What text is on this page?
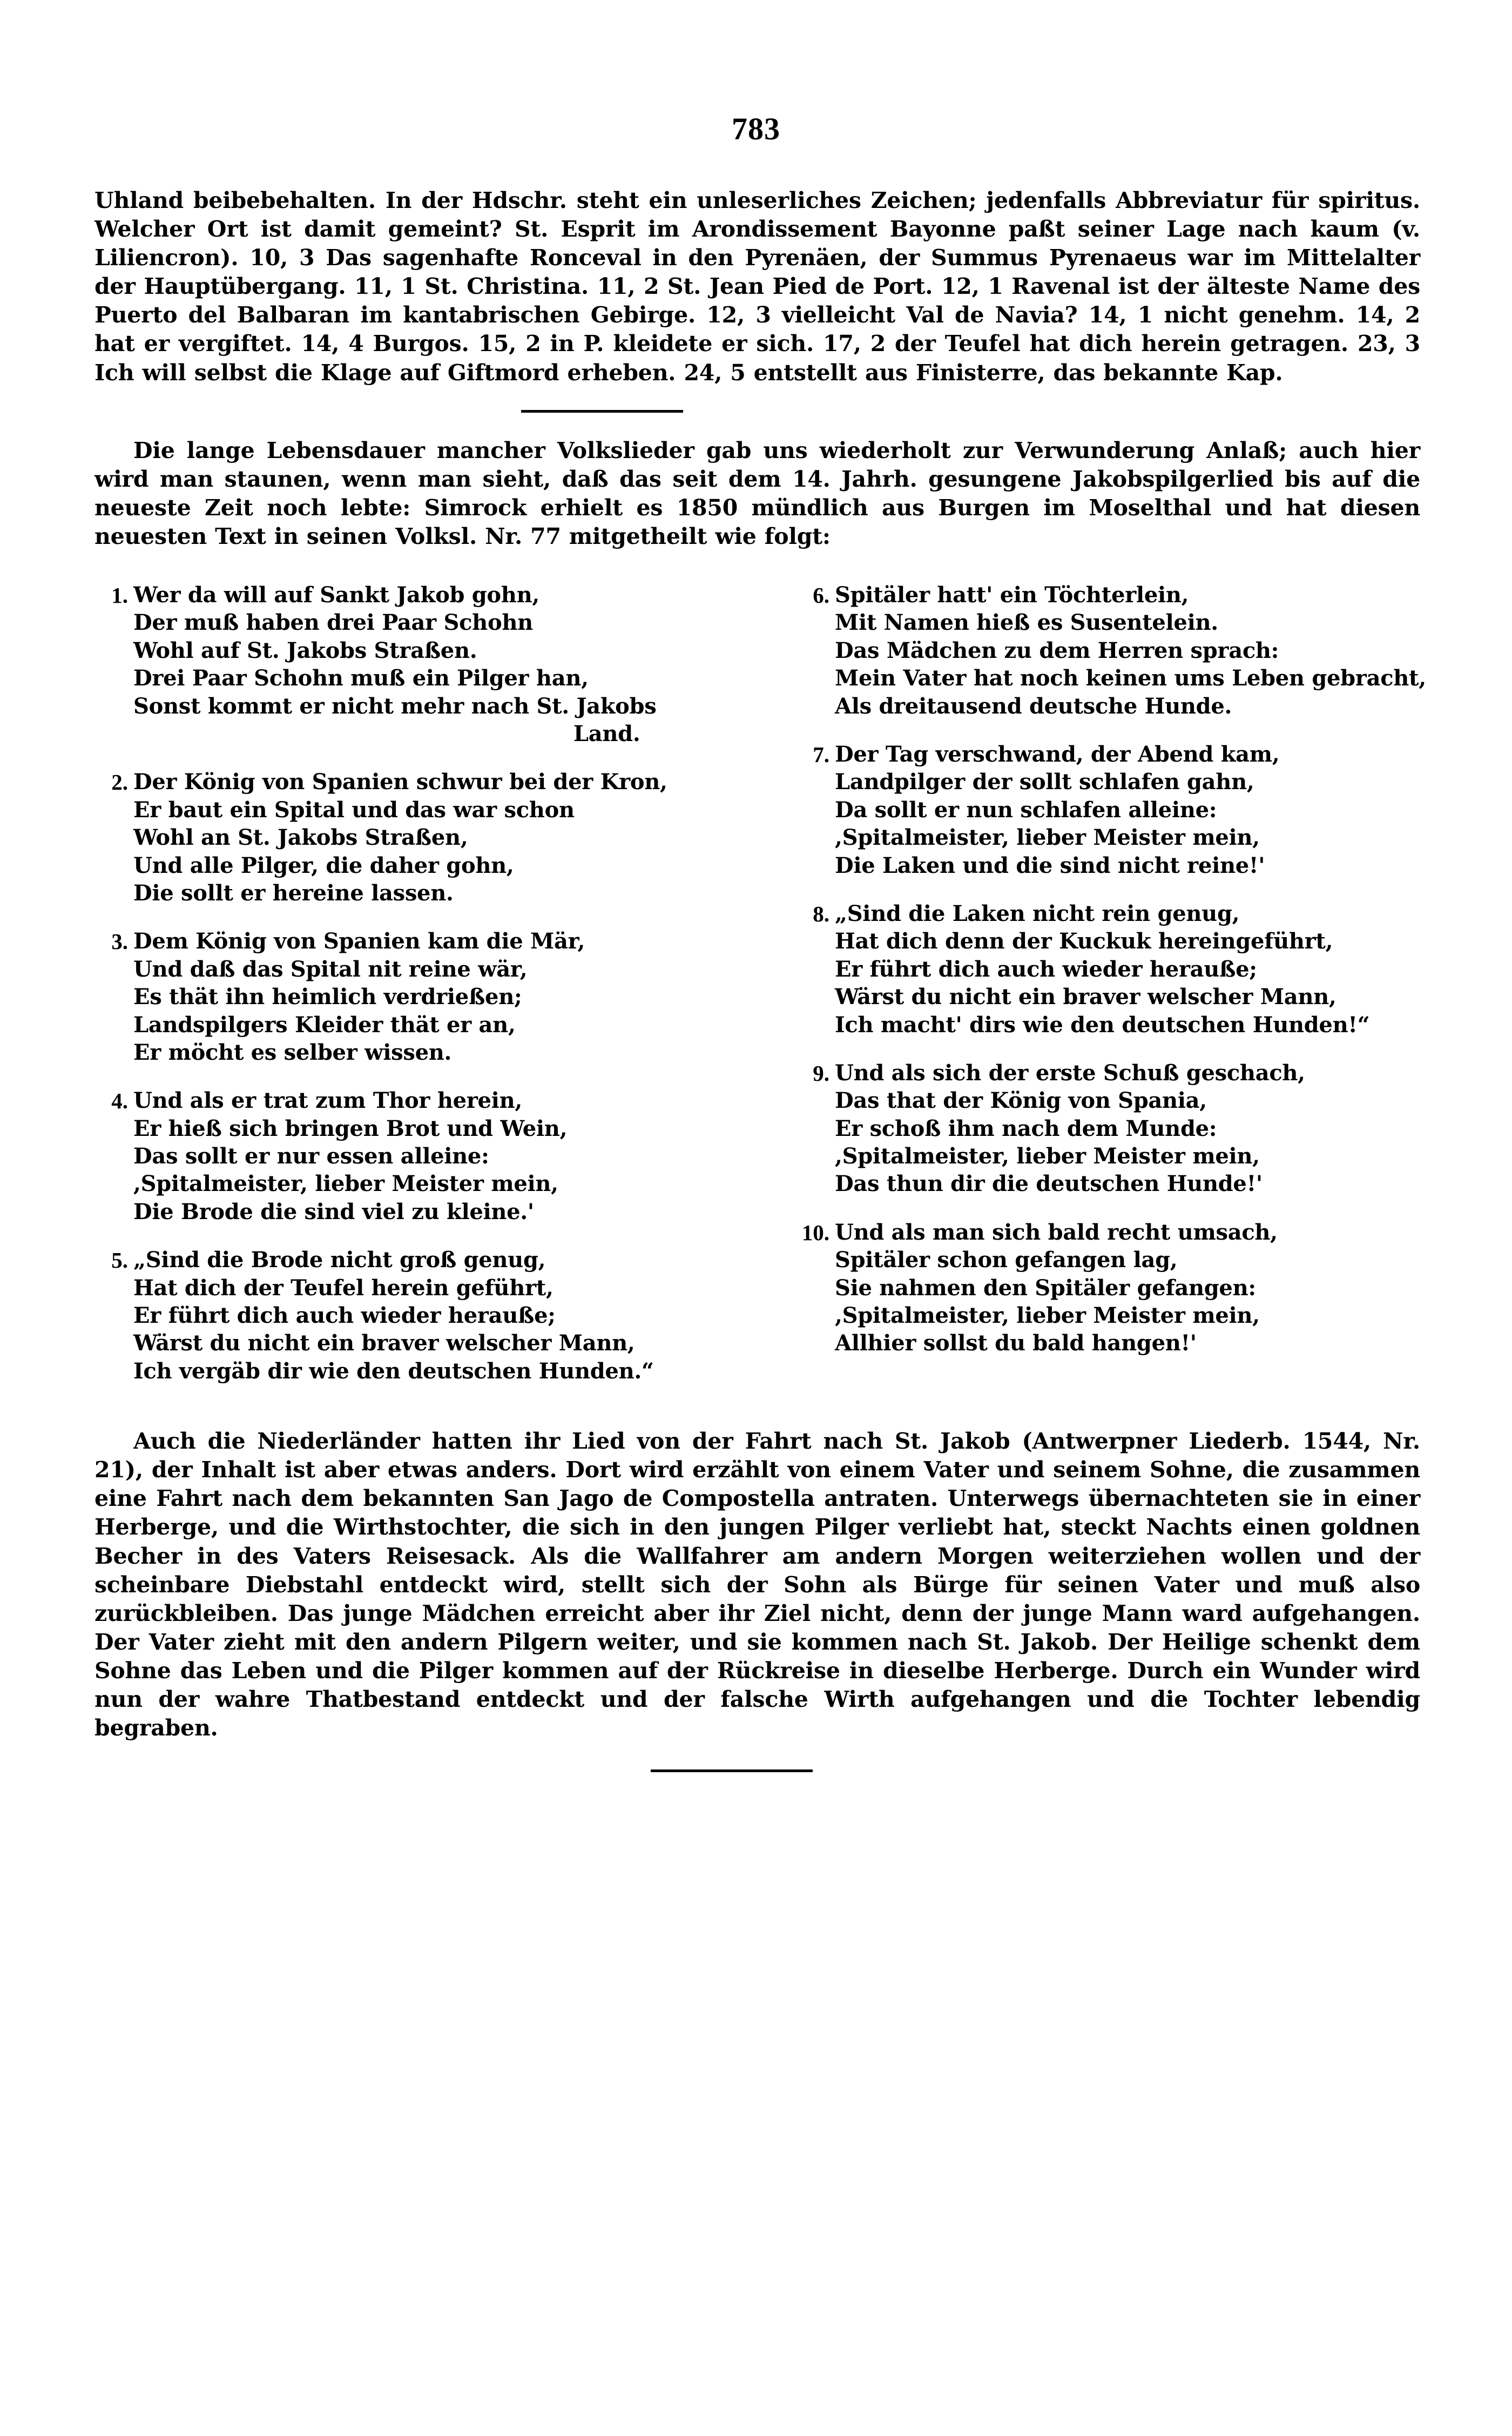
783

Uhland beibebehalten. In der Hdschr. steht ein unleserliches Zeichen; jedenfalls Abbreviatur für spiritus. Welcher Ort ist damit gemeint? St. Esprit im Arondissement Bayonne paßt seiner Lage nach kaum (v. Liliencron). 10, 3 Das sagenhafte Ronceval in den Pyrenäen, der Summus Pyrenaeus war im Mittelalter der Hauptübergang. 11, 1 St. Christina. 11, 2 St. Jean Pied de Port. 12, 1 Ravenal ist der älteste Name des Puerto del Balbaran im kantabrischen Gebirge. 12, 3 vielleicht Val de Navia? 14, 1 nicht genehm. 14, 2 hat er vergiftet. 14, 4 Burgos. 15, 2 in P. kleidete er sich. 17, 2 der Teufel hat dich herein getragen. 23, 3 Ich will selbst die Klage auf Giftmord erheben. 24, 5 entstellt aus Finisterre, das bekannte Kap.

Die lange Lebensdauer mancher Volkslieder gab uns wiederholt zur Verwunderung Anlaß; auch hier wird man staunen, wenn man sieht, daß das seit dem 14. Jahrh. gesungene Jakobspilgerlied bis auf die neueste Zeit noch lebte: Simrock erhielt es 1850 mündlich aus Burgen im Moselthal und hat diesen neuesten Text in seinen Volksl. Nr. 77 mitgetheilt wie folgt:

1. Wer da will auf Sankt Jakob gohn,
Der muß haben drei Paar Schohn
Wohl auf St. Jakobs Straßen.
Drei Paar Schohn muß ein Pilger han,
Sonst kommt er nicht mehr nach St. Jakobs
Land.
2. Der König von Spanien schwur bei der Kron,
Er baut ein Spital und das war schon
Wohl an St. Jakobs Straßen,
Und alle Pilger, die daher gohn,
Die sollt er hereine lassen.
3. Dem König von Spanien kam die Mär,
Und daß das Spital nit reine wär,
Es thät ihn heimlich verdrießen;
Landspilgers Kleider thät er an,
Er möcht es selber wissen.
4. Und als er trat zum Thor herein,
Er hieß sich bringen Brot und Wein,
Das sollt er nur essen alleine:
,Spitalmeister, lieber Meister mein,
Die Brode die sind viel zu kleine.'
5. „Sind die Brode nicht groß genug,
Hat dich der Teufel herein geführt,
Er führt dich auch wieder herauße;
Wärst du nicht ein braver welscher Mann,
Ich vergäb dir wie den deutschen Hunden.“
6. Spitäler hatt' ein Töchterlein,
Mit Namen hieß es Susentelein.
Das Mädchen zu dem Herren sprach:
Mein Vater hat noch keinen ums Leben gebracht,
Als dreitausend deutsche Hunde.
7. Der Tag verschwand, der Abend kam,
Landpilger der sollt schlafen gahn,
Da sollt er nun schlafen alleine:
,Spitalmeister, lieber Meister mein,
Die Laken und die sind nicht reine!'
8. „Sind die Laken nicht rein genug,
Hat dich denn der Kuckuk hereingeführt,
Er führt dich auch wieder herauße;
Wärst du nicht ein braver welscher Mann,
Ich macht' dirs wie den deutschen Hunden!“
9. Und als sich der erste Schuß geschach,
Das that der König von Spania,
Er schoß ihm nach dem Munde:
,Spitalmeister, lieber Meister mein,
Das thun dir die deutschen Hunde!'
10. Und als man sich bald recht umsach,
Spitäler schon gefangen lag,
Sie nahmen den Spitäler gefangen:
,Spitalmeister, lieber Meister mein,
Allhier sollst du bald hangen!'

Auch die Niederländer hatten ihr Lied von der Fahrt nach St. Jakob (Antwerpner Liederb. 1544, Nr. 21), der Inhalt ist aber etwas anders. Dort wird erzählt von einem Vater und seinem Sohne, die zusammen eine Fahrt nach dem bekannten San Jago de Compostella antraten. Unterwegs übernachteten sie in einer Herberge, und die Wirthstochter, die sich in den jungen Pilger verliebt hat, steckt Nachts einen goldnen Becher in des Vaters Reisesack. Als die Wallfahrer am andern Morgen weiterziehen wollen und der scheinbare Diebstahl entdeckt wird, stellt sich der Sohn als Bürge für seinen Vater und muß also zurückbleiben. Das junge Mädchen erreicht aber ihr Ziel nicht, denn der junge Mann ward aufgehangen. Der Vater zieht mit den andern Pilgern weiter, und sie kommen nach St. Jakob. Der Heilige schenkt dem Sohne das Leben und die Pilger kommen auf der Rückreise in dieselbe Herberge. Durch ein Wunder wird nun der wahre Thatbestand entdeckt und der falsche Wirth aufgehangen und die Tochter lebendig begraben.
